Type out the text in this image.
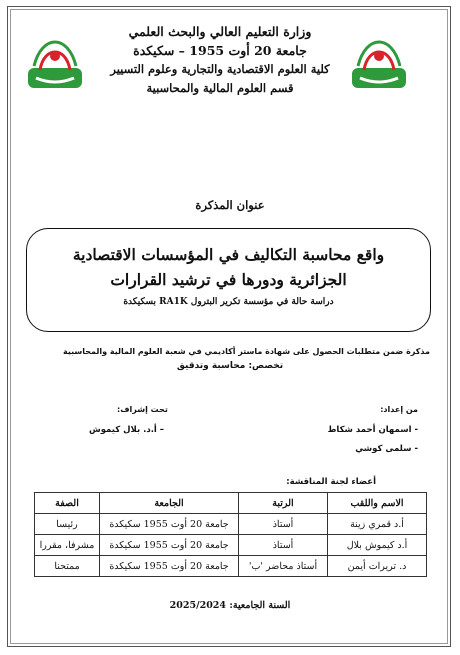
وزارة التعليم العالي والبحث العلمي
جامعة 20 أوت 1955 – سكيكدة
كلية العلوم الاقتصادية والتجارية وعلوم التسيير
قسم العلوم المالية والمحاسبية
عنوان المذكرة
واقع محاسبة التكاليف في المؤسسات الاقتصادية
الجزائرية ودورها في ترشيد القرارات
دراسة حالة في مؤسسة تكرير البترول RA1K بسكيكدة
مذكرة ضمن متطلبات الحصول على شهادة ماستر أكاديمي في شعبة العلوم المالية والمحاسبية
تخصص: محاسبة وتدقيق
من إعداد:
- اسمهان أحمد شكاط
- سلمى كوشي
تحت إشراف:
– أ.د. بلال كيموش
أعضاء لجنة المناقشة:
الاسم واللقب	الرتبة	الجامعة	الصفة
أ.د قمري زينة	أستاذ	جامعة 20 أوت 1955 سكيكدة	رئيسا
أ.د كيموش بلال	أستاذ	جامعة 20 أوت 1955 سكيكدة	مشرفا، مقررا
د. تريرات أيمن	أستاذ محاضر 'ب'	جامعة 20 أوت 1955 سكيكدة	ممتحنا
السنة الجامعية: 2025/2024
